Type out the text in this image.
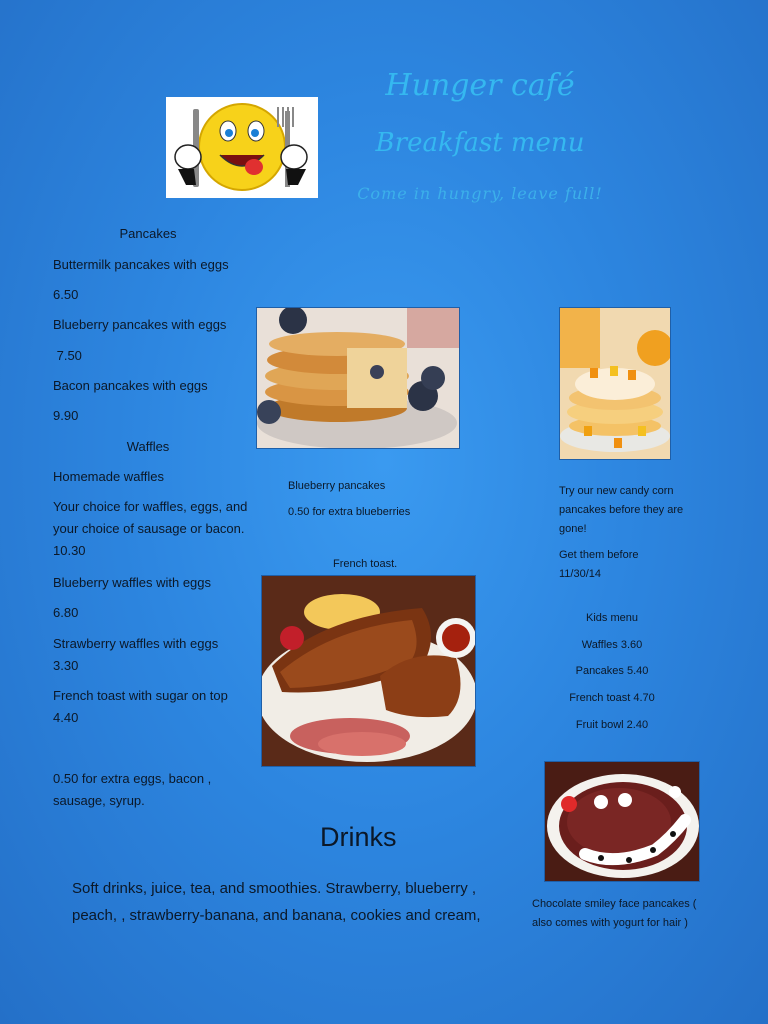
Hunger café
Breakfast menu
Come in hungry, leave full!
Pancakes
Buttermilk pancakes with eggs
6.50
Blueberry pancakes with eggs
7.50
Bacon pancakes with eggs
9.90
Waffles
Homemade waffles
Your choice for waffles, eggs, and your choice of sausage or bacon. 10.30
Blueberry waffles with eggs
6.80
Strawberry waffles with eggs 3.30
French toast with sugar on top 4.40
0.50 for extra eggs, bacon , sausage, syrup.
Blueberry pancakes
0.50 for extra blueberries
French toast.
Try our new candy corn pancakes before they are gone!
Get them before 11/30/14
Kids menu
Waffles 3.60
Pancakes 5.40
French toast 4.70
Fruit bowl 2.40
Chocolate smiley face pancakes ( also comes with yogurt for hair )
Drinks
Soft drinks, juice, tea, and smoothies. Strawberry, blueberry , peach, , strawberry-banana, and banana, cookies and cream,
